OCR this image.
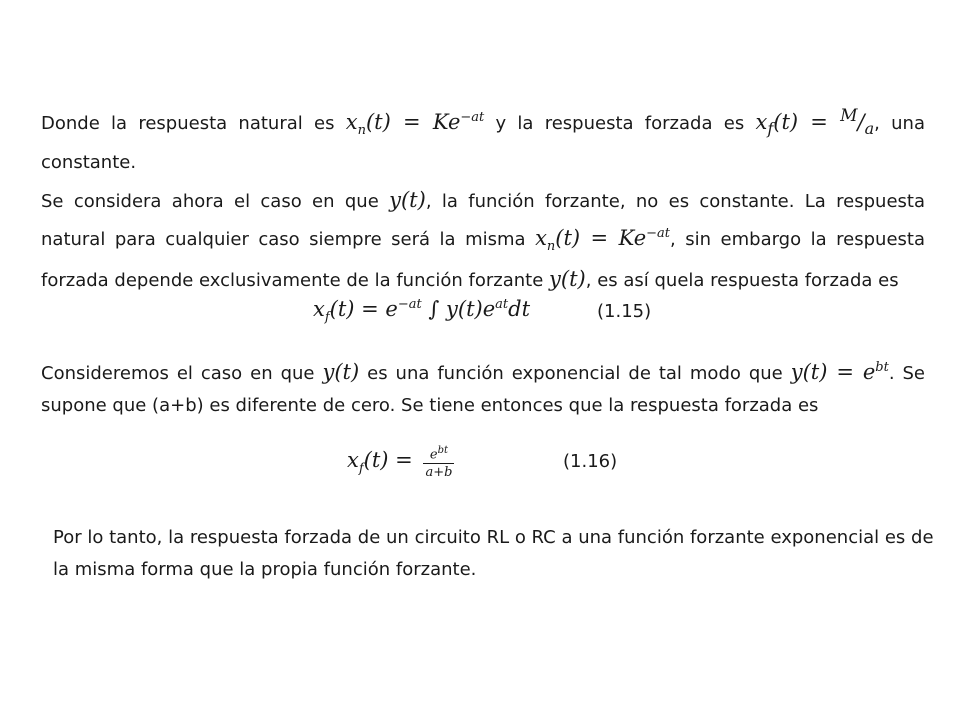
Donde la respuesta natural es $x_n(t) = Ke^{-at}$ y la respuesta forzada es $x_f(t) = ^M/_a$, una constante.
Se considera ahora el caso en que y(t), la función forzante, no es constante. La respuesta natural para cualquier caso siempre será la misma $x_n(t) = Ke^{-at}$, sin embargo la respuesta forzada depende exclusivamente de la función forzante y(t), es así quela respuesta forzada es
$x_f(t) = e^{-at}$ ∫ $y(t)e^{at}dt$	(1.15)
Consideremos el caso en que y(t) es una función exponencial de tal modo que $y(t) = e^{bt}$. Se supone que (a+b) es diferente de cero. Se tiene entonces que la respuesta forzada es
$x_f(t) = \frac{e^{bt}}{a+b}$	(1.16)
Por lo tanto, la respuesta forzada de un circuito RL o RC a una función forzante exponencial es de la misma forma que la propia función forzante.
